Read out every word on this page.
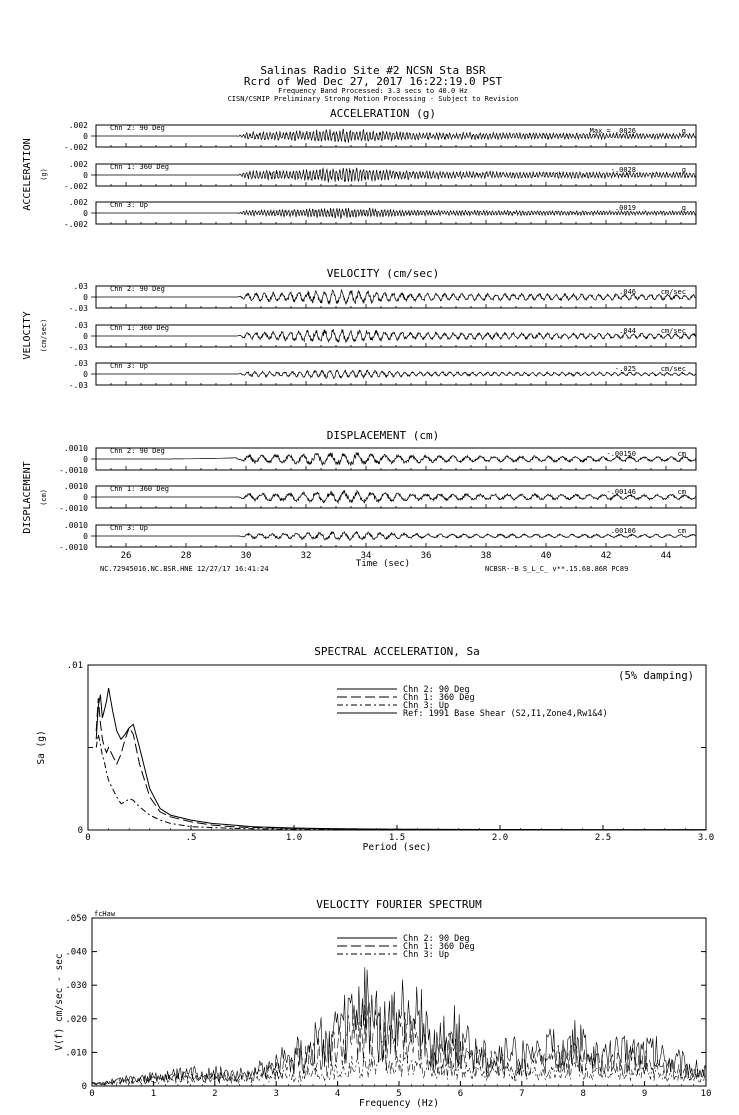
Salinas Radio Site #2 NCSN Sta BSR
Rcrd of Wed Dec 27, 2017 16:22:19.0 PST
Frequency Band Processed: 3.3 secs to 40.0 Hz
CISN/CSMIP Preliminary Strong Motion Processing - Subject to Revision
ACCELERATION (g)
ACCELERATION (g)
.002
0
-.002
Chn 2: 90 Deg	Max = .0026	g
.002
0
-.002
Chn 1: 360 Deg	-.0028	g
.002
0
-.002
Chn 3: Up	.0019	g
VELOCITY (cm/sec)
VELOCITY (cm/sec)
.03
0
-.03
Chn 2: 90 Deg	.046	cm/sec
.03
0
-.03
Chn 1: 360 Deg	.044	cm/sec
.03
0
-.03
Chn 3: Up	-.025	cm/sec
DISPLACEMENT (cm)
DISPLACEMENT (cm)
.0010
0
-.0010
Chn 2: 90 Deg	-.00150	cm
.0010
0
-.0010
Chn 1: 360 Deg	-.00146	cm
.0010
0
-.0010
Chn 3: Up	.00106	cm
26	28	30	32	34	36	38	40	42	44
Time (sec)
NC.72945016.NC.BSR.HNE 12/27/17 16:41:24	NCBSR--B S_L_C_ v**.15.68.86R PC89
SPECTRAL ACCELERATION, Sa
0	.5	1.0	1.5	2.0	2.5	3.0
Period (sec)
0
.01
Sa (g)
(5% damping)
Chn 2: 90 Deg
Chn 1: 360 Deg
Chn 3: Up
Ref: 1991 Base Shear (S2,I1,Zone4,Rw1&4)
VELOCITY FOURIER SPECTRUM
0	1	2	3	4	5	6	7	8	9	10
Frequency (Hz)
0
.010
.020
.030
.040
.050
V(f) cm/sec - sec
fcHaw
Chn 2: 90 Deg
Chn 1: 360 Deg
Chn 3: Up
